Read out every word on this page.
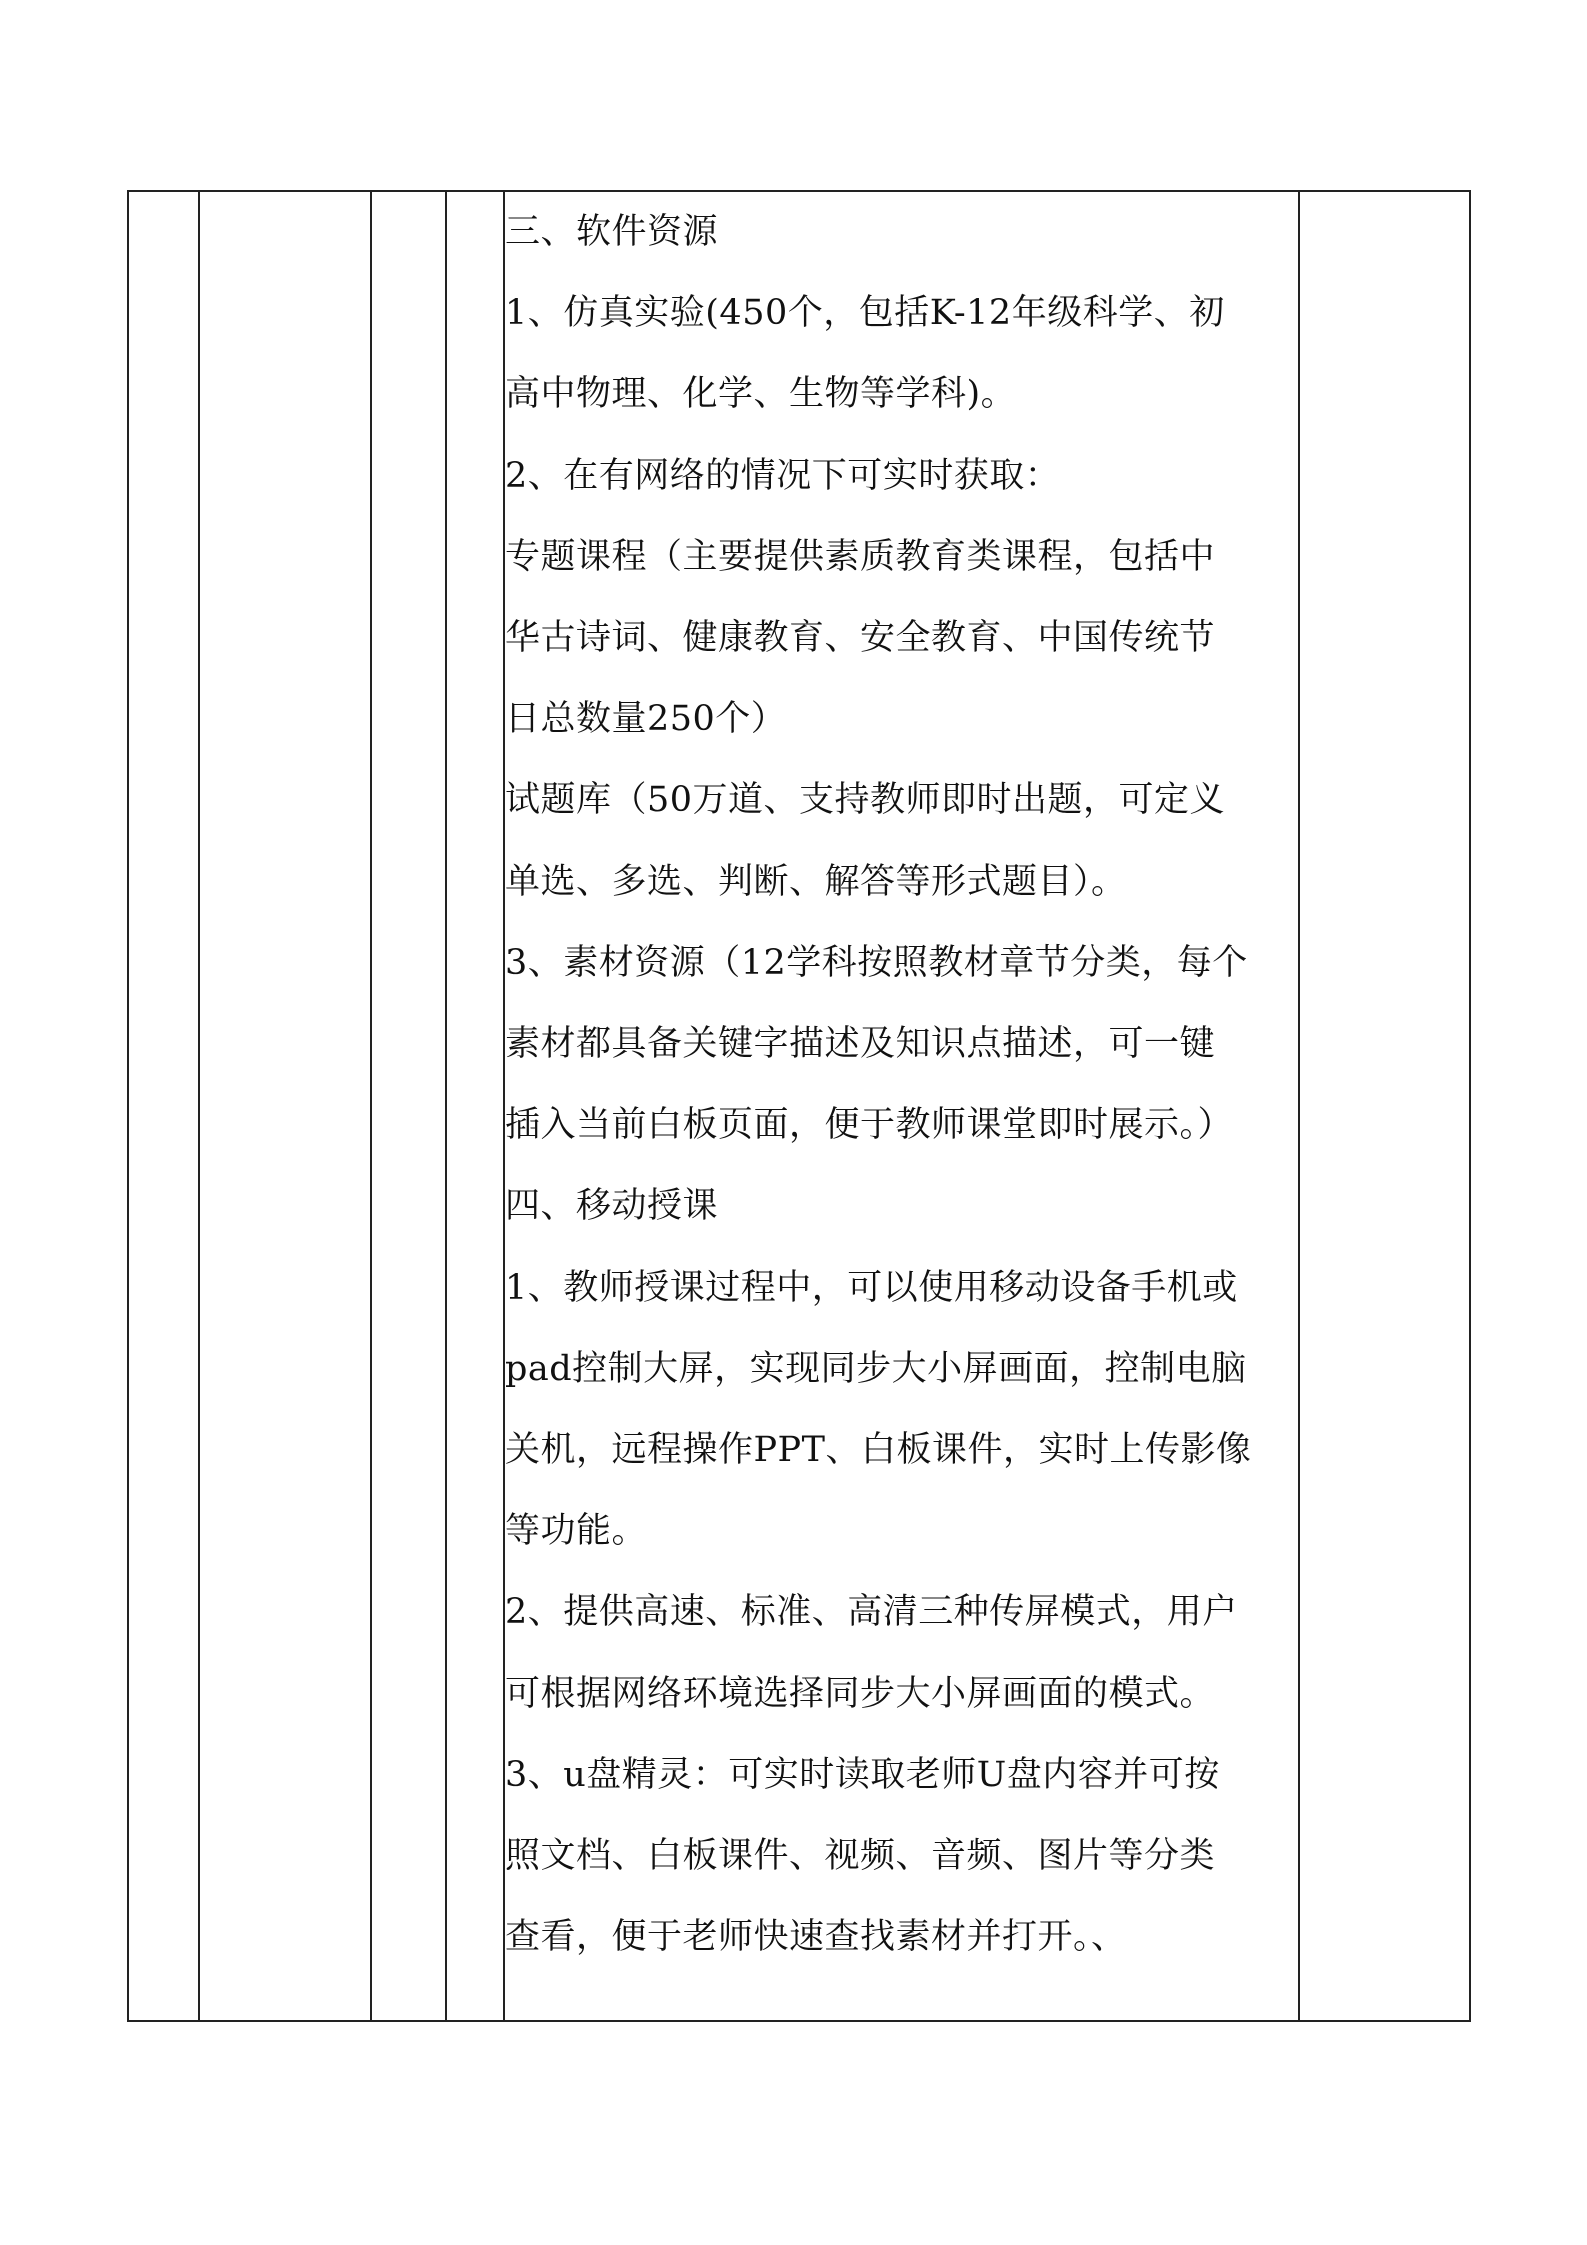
三、软件资源
1、仿真实验(450个，包括K-12年级科学、初
高中物理、化学、生物等学科)。
2、在有网络的情况下可实时获取：
专题课程（主要提供素质教育类课程，包括中
华古诗词、健康教育、安全教育、中国传统节
日总数量250个）
试题库（50万道、支持教师即时出题，可定义
单选、多选、判断、解答等形式题目）。
3、素材资源（12学科按照教材章节分类，每个
素材都具备关键字描述及知识点描述，可一键
插入当前白板页面，便于教师课堂即时展示。）
四、移动授课
1、教师授课过程中，可以使用移动设备手机或
pad控制大屏，实现同步大小屏画面，控制电脑
关机，远程操作PPT、白板课件，实时上传影像
等功能。
2、提供高速、标准、高清三种传屏模式，用户
可根据网络环境选择同步大小屏画面的模式。
3、u盘精灵：可实时读取老师U盘内容并可按
照文档、白板课件、视频、音频、图片等分类
查看，便于老师快速查找素材并打开。、
